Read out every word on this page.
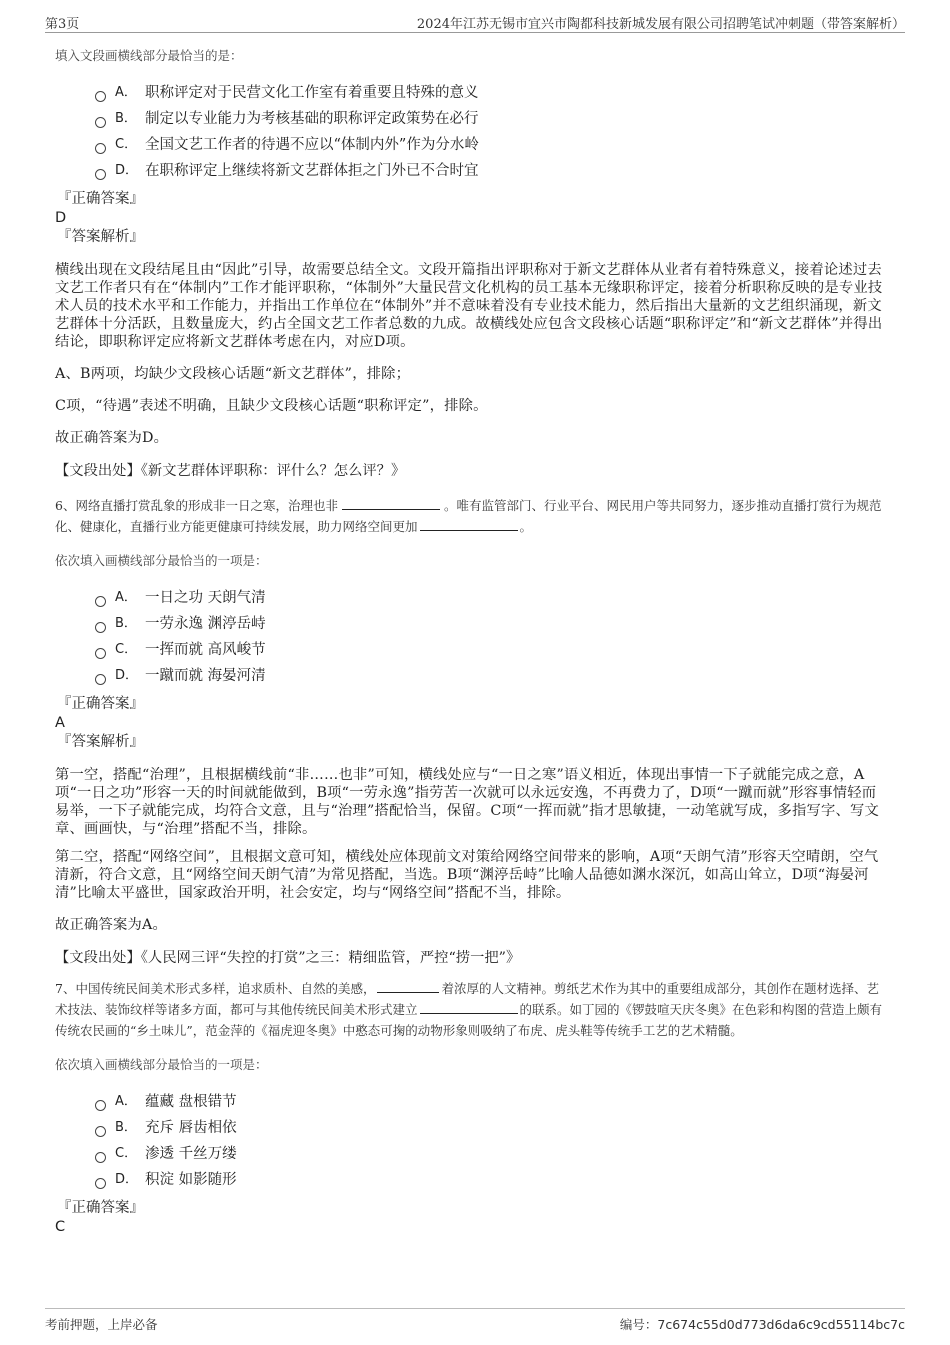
第3页	2024年江苏无锡市宜兴市陶都科技新城发展有限公司招聘笔试冲刺题（带答案解析）

填入文段画横线部分最恰当的是：

A． 职称评定对于民营文化工作室有着重要且特殊的意义
B． 制定以专业能力为考核基础的职称评定政策势在必行
C． 全国文艺工作者的待遇不应以“体制内外”作为分水岭
D． 在职称评定上继续将新文艺群体拒之门外已不合时宜
『正确答案』
D
『答案解析』

横线出现在文段结尾且由“因此”引导，故需要总结全文。文段开篇指出评职称对于新文艺群体从业者有着特殊意义，接着论述过去文艺工作者只有在“体制内”工作才能评职称，“体制外”大量民营文化机构的员工基本无缘职称评定，接着分析职称反映的是专业技术人员的技术水平和工作能力，并指出工作单位在“体制外”并不意味着没有专业技术能力，然后指出大量新的文艺组织涌现，新文艺群体十分活跃，且数量庞大，约占全国文艺工作者总数的九成。故横线处应包含文段核心话题“职称评定”和“新文艺群体”并得出结论，即职称评定应将新文艺群体考虑在内，对应D项。

A、B两项，均缺少文段核心话题“新文艺群体”，排除；

C项，“待遇”表述不明确，且缺少文段核心话题“职称评定”，排除。

故正确答案为D。

【文段出处】《新文艺群体评职称：评什么？怎么评？》

6、网络直播打赏乱象的形成非一日之寒，治理也非	。唯有监管部门、行业平台、网民用户等共同努力，逐步推动直播打赏行为规范化、健康化，直播行业方能更健康可持续发展，助力网络空间更加	。

依次填入画横线部分最恰当的一项是：

A． 一日之功 天朗气清
B． 一劳永逸 渊渟岳峙
C． 一挥而就 高风峻节
D． 一蹴而就 海晏河清
『正确答案』
A
『答案解析』

第一空，搭配“治理”，且根据横线前“非……也非”可知，横线处应与“一日之寒”语义相近，体现出事情一下子就能完成之意，A项“一日之功”形容一天的时间就能做到，B项“一劳永逸”指劳苦一次就可以永远安逸，不再费力了，D项“一蹴而就”形容事情轻而易举，一下子就能完成，均符合文意，且与“治理”搭配恰当，保留。C项“一挥而就”指才思敏捷，一动笔就写成，多指写字、写文章、画画快，与“治理”搭配不当，排除。

第二空，搭配“网络空间”，且根据文意可知，横线处应体现前文对策给网络空间带来的影响，A项“天朗气清”形容天空晴朗，空气清新，符合文意，且“网络空间天朗气清”为常见搭配，当选。B项“渊渟岳峙”比喻人品德如渊水深沉，如高山耸立，D项“海晏河清”比喻太平盛世，国家政治开明，社会安定，均与“网络空间”搭配不当，排除。

故正确答案为A。

【文段出处】《人民网三评“失控的打赏”之三：精细监管，严控“捞一把”》

7、中国传统民间美术形式多样，追求质朴、自然的美感，	着浓厚的人文精神。剪纸艺术作为其中的重要组成部分，其创作在题材选择、艺术技法、装饰纹样等诸多方面，都可与其他传统民间美术形式建立	的联系。如丁园的《锣鼓喧天庆冬奥》在色彩和构图的营造上颇有传统农民画的“乡土味儿”，范金萍的《福虎迎冬奥》中憨态可掬的动物形象则吸纳了布虎、虎头鞋等传统手工艺的艺术精髓。

依次填入画横线部分最恰当的一项是：

A． 蕴藏 盘根错节
B． 充斥 唇齿相依
C． 渗透 千丝万缕
D． 积淀 如影随形
『正确答案』
C
考前押题，上岸必备	编号：7c674c55d0d773d6da6c9cd55114bc7c
